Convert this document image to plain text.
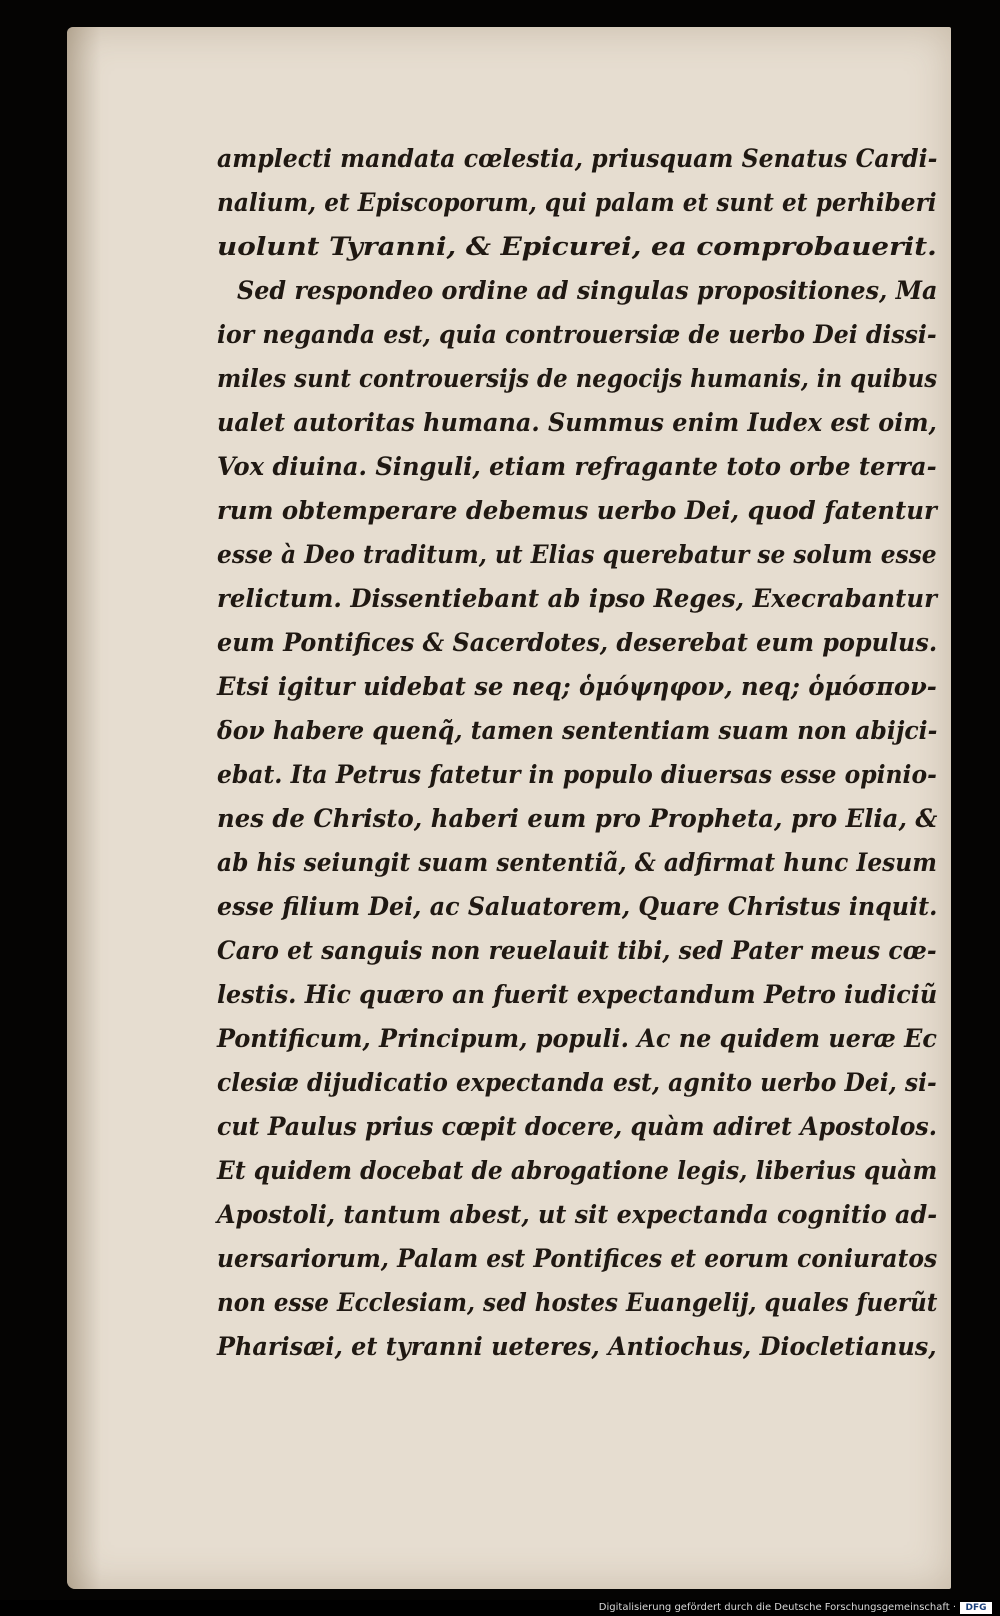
amplecti mandata cœlestia, priusquam Senatus Cardi-

nalium, et Episcoporum, qui palam et sunt et perhiberi

uolunt Tyranni, & Epicurei, ea comprobauerit.

Sed respondeo ordine ad singulas propositiones, Ma

ior neganda est, quia controuersiæ de uerbo Dei dissi-

miles sunt controuersijs de negocijs humanis, in quibus

ualet autoritas humana. Summus enim Iudex est oim,

Vox diuina. Singuli, etiam refragante toto orbe terra-

rum obtemperare debemus uerbo Dei, quod fatentur

esse à Deo traditum, ut Elias querebatur se solum esse

relictum. Dissentiebant ab ipso Reges, Execrabantur

eum Pontifices & Sacerdotes, deserebat eum populus.

Etsi igitur uidebat se neq; ὁμόψηφον, neq; ὁμόσπον-

δον habere quenq̃, tamen sententiam suam non abijci-

ebat. Ita Petrus fatetur in populo diuersas esse opinio-

nes de Christo, haberi eum pro Propheta, pro Elia, &

ab his seiungit suam sententiã, & adfirmat hunc Iesum

esse filium Dei, ac Saluatorem, Quare Christus inquit.

Caro et sanguis non reuelauit tibi, sed Pater meus cœ-

lestis. Hic quæro an fuerit expectandum Petro iudiciũ

Pontificum, Principum, populi. Ac ne quidem ueræ Ec

clesiæ dijudicatio expectanda est, agnito uerbo Dei, si-

cut Paulus prius cœpit docere, quàm adiret Apostolos.

Et quidem docebat de abrogatione legis, liberius quàm

Apostoli, tantum abest, ut sit expectanda cognitio ad-

uersariorum, Palam est Pontifices et eorum coniuratos

non esse Ecclesiam, sed hostes Euangelij, quales fuerũt

Pharisæi, et tyranni ueteres, Antiochus, Diocletianus,

Digitalisierung gefördert durch die Deutsche Forschungsgemeinschaft ·	DFG
